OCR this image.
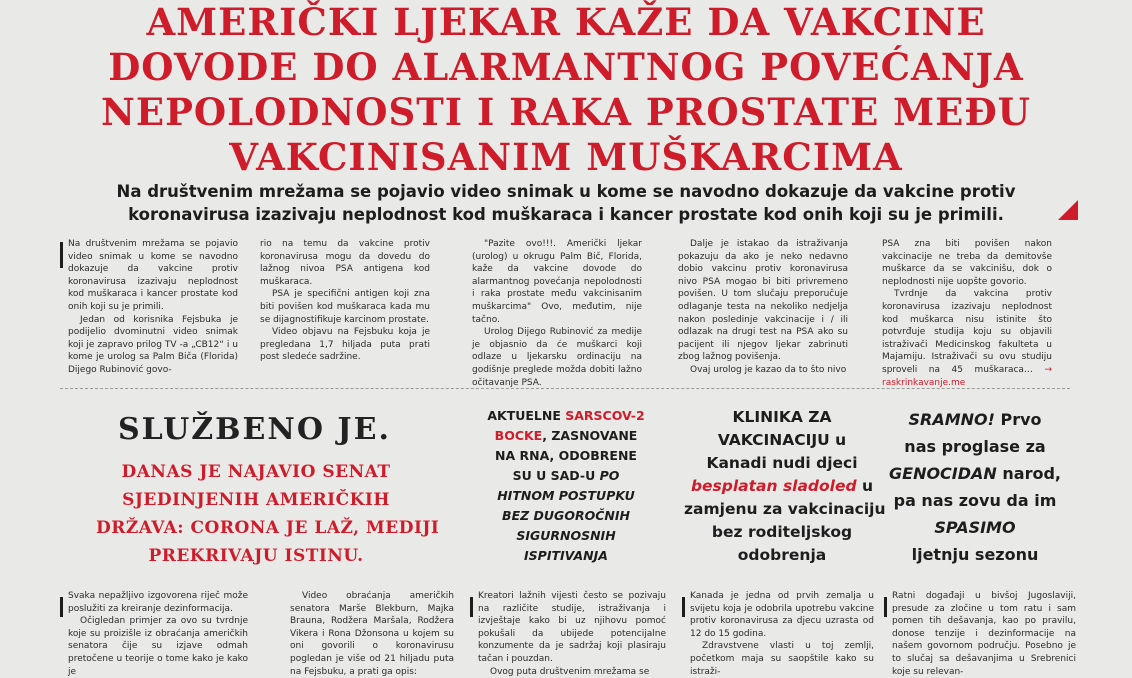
AMERIČKI LJEKAR KAŽE DA VAKCINE
DOVODE DO ALARMANTNOG POVEĆANJA
NEPOLODNOSTI I RAKA PROSTATE MEĐU
VAKCINISANIM MUŠKARCIMA
Na društvenim mrežama se pojavio video snimak u kome se navodno dokazuje da vakcine protiv
koronavirusa izazivaju neplodnost kod muškaraca i kancer prostate kod onih koji su je primili.

Na društvenim mrežama se pojavio video snimak u kome se navodno dokazuje da vakcine protiv koronavirusa izazivaju neplodnost kod muškaraca i kancer prostate kod onih koji su je primili.

Jedan od korisnika Fejsbuka je podijelio dvominutni video snimak koji je zapravo prilog TV -a „CB12“ i u kome je urolog sa Palm Biča (Florida) Dijego Rubinović govo-

rio na temu da vakcine protiv koronavirusa mogu da dovedu do lažnog nivoa PSA antigena kod muškaraca.

PSA je specifični antigen koji zna biti povišen kod muškaraca kada mu se dijagnostifikuje karcinom prostate.

Video objavu na Fejsbuku koja je pregledana 1,7 hiljada puta prati post sledeće sadržine.

"Pazite ovo!!!. Američki ljekar (urolog) u okrugu Palm Bič, Florida, kaže da vakcine dovode do alarmantnog povećanja nepolodnosti i raka prostate među vakcinisanim muškarcima" Ovo, međutim, nije tačno.

Urolog Dijego Rubinović za medije je objasnio da će muškarci koji odlaze u ljekarsku ordinaciju na godišnje preglede možda dobiti lažno očitavanje PSA.

Dalje je istakao da istraživanja pokazuju da ako je neko nedavno dobio vakcinu protiv koronavirusa nivo PSA mogao bi biti privremeno povišen. U tom slučaju preporučuje odlaganje testa na nekoliko nedjelja nakon posledinje vakcinacije i / ili odlazak na drugi test na PSA ako su pacijent ili njegov ljekar zabrinuti zbog lažnog povišenja.

Ovaj urolog je kazao da to što nivo

PSA zna biti povišen nakon vakcinacije ne treba da demitovše muškarce da se vakcinišu, dok o neplodnosti nije uopšte govorio.

Tvrdnje da vakcina protiv koronavirusa izazivaju neplodnost kod muškarca nisu istinite što potvrđuje studija koju su objavili istraživači Medicinskog fakulteta u Majamiju. Istraživači su ovu studiju sproveli na 45 muškaraca… → raskrinkavanje.me

SLUŽBENO JE.
DANAS JE NAJAVIO SENAT
SJEDINJENIH AMERIČKIH
DRŽAVA: CORONA JE LAŽ, MEDIJI
PREKRIVAJU ISTINU.
AKTUELNE SARSCOV-2
BOCKE, ZASNOVANE
NA RNA, ODOBRENE
SU U SAD-U PO
HITNOM POSTUPKU
BEZ DUGOROČNIH
SIGURNOSNIH
ISPITIVANJA
KLINIKA ZA
VAKCINACIJU u
Kanadi nudi djeci
besplatan sladoled u
zamjenu za vakcinaciju
bez roditeljskog
odobrenja
SRAMNO! Prvo
nas proglase za
GENOCIDAN narod,
pa nas zovu da im
SPASIMO
ljetnju sezonu

Svaka nepažljivo izgovorena riječ može poslužiti za kreiranje dezinformacija.

Očigledan primjer za ovo su tvrdnje koje su proizišle iz obraćanja američkih senatora čije su izjave odmah pretočene u teorije o tome kako je kako je

Video obraćanja američkih senatora Marše Blekburn, Majka Brauna, Rodžera Maršala, Rodžera Vikera i Rona Džonsona u kojem su oni govorili o koronavirusu pogledan je više od 21 hiljadu puta na Fejsbuku, a prati ga opis:

Kreatori lažnih vijesti često se pozivaju na različite studije, istraživanja i izvještaje kako bi uz njihovu pomoć pokušali da ubijede potencijalne konzumente da je sadržaj koji plasiraju tačan i pouzdan.

Ovog puta društvenim mrežama se

Kanada je jedna od prvih zemalja u svijetu koja je odobrila upotrebu vakcine protiv koronavirusa za djecu uzrasta od 12 do 15 godina.

Zdravstvene vlasti u toj zemlji, početkom maja su saopštile kako su istraži-

Ratni događaji u bivšoj Jugoslaviji, presude za zločine u tom ratu i sam pomen tih dešavanja, kao po pravilu, donose tenzije i dezinformacije na našem govornom području. Posebno je to slučaj sa dešavanjima u Srebrenici koje su relevan-
